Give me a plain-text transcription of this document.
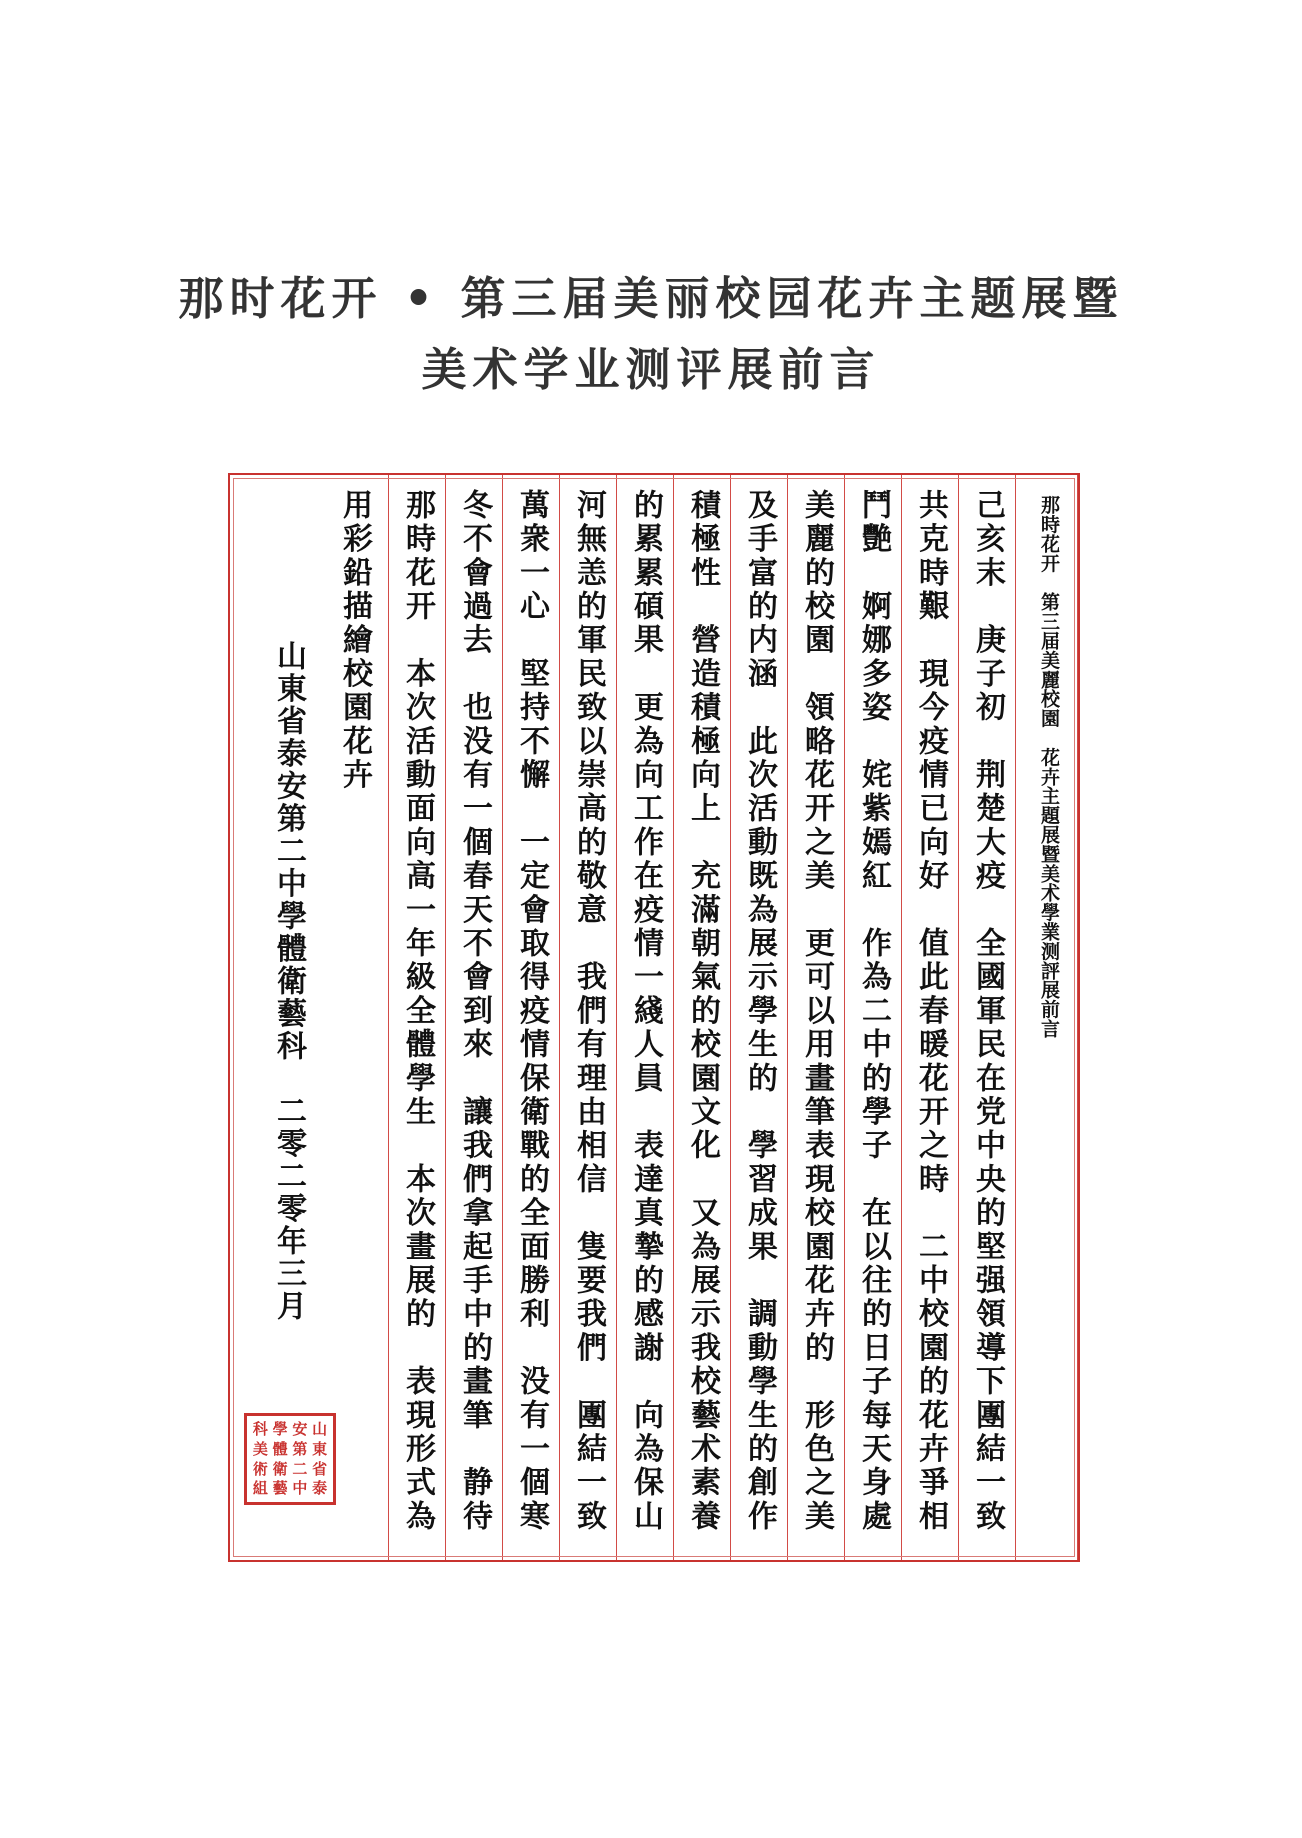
那时花开 • 第三届美丽校园花卉主题展暨
美术学业测评展前言
那時花开　第三届美麗校園　花卉主題展暨美术學業测評展前言
己亥末　庚子初　荆楚大疫　全國軍民在党中央的堅强領導下團結一致
共克時艱　現今疫情已向好　值此春暖花开之時　二中校園的花卉爭相
鬥艷　婀娜多姿　姹紫嫣紅　作為二中的學子　在以往的日子每天身處
美麗的校園　領略花开之美　更可以用畫筆表現校園花卉的　形色之美
及手富的内涵　此次活動既為展示學生的　學習成果　調動學生的創作
積極性　營造積極向上　充滿朝氣的校園文化　又為展示我校藝术素養
的累累碩果　更為向工作在疫情一綫人員　表達真摯的感謝　向為保山
河無恙的軍民致以崇高的敬意　我們有理由相信　隻要我們　團結一致
萬衆一心　堅持不懈　一定會取得疫情保衛戰的全面勝利　没有一個寒
冬不會過去　也没有一個春天不會到來　讓我們拿起手中的畫筆　静待
那時花开　本次活動面向高一年級全體學生　本次畫展的　表現形式為
用彩鉛描繪校園花卉
山東省泰安第二中學體衛藝科　二零二零年三月
科 學 安 山
美 體 第 東
術 衛 二 省
組 藝 中 泰
